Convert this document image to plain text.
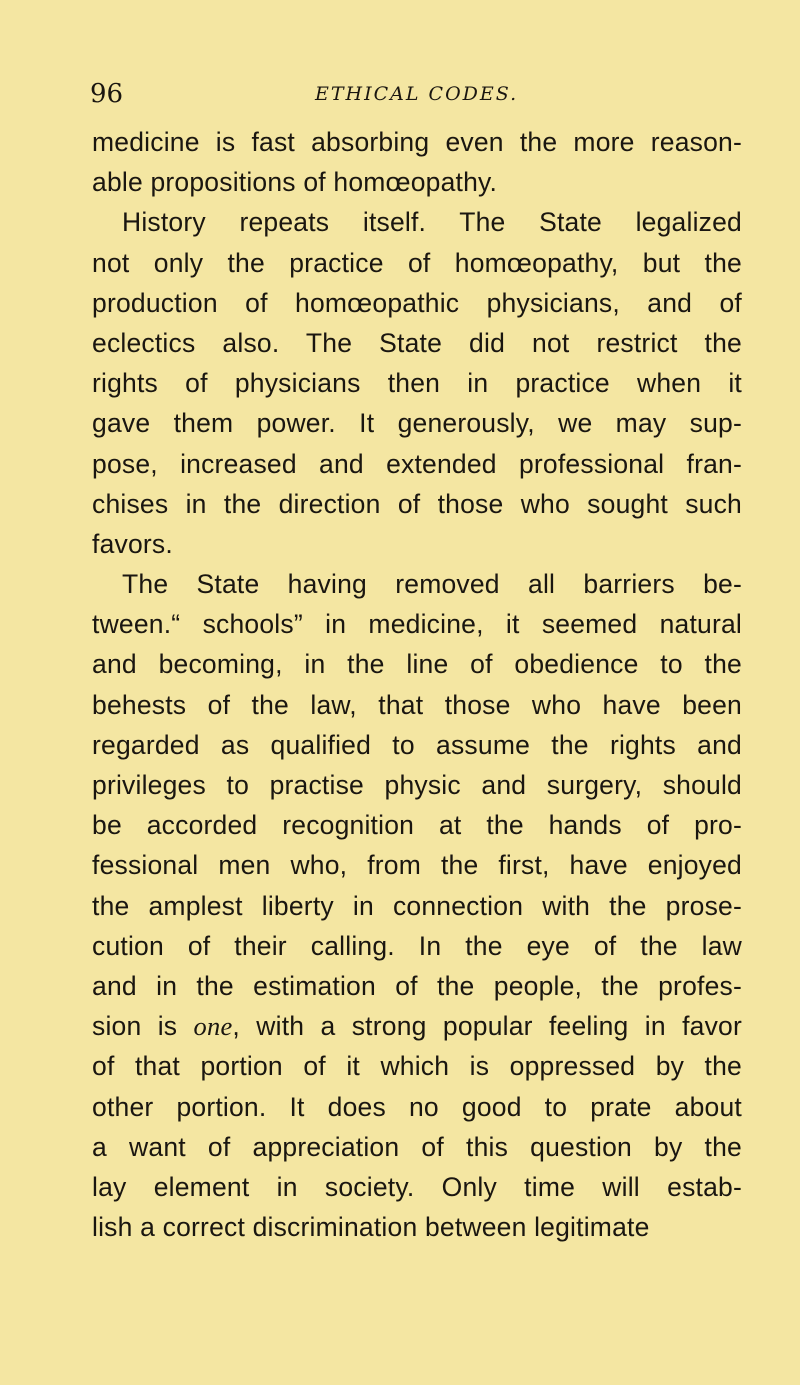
96	ETHICAL CODES.
medicine is fast absorbing even the more reason-
able propositions of homœopathy.
History repeats itself. The State legalized
not only the practice of homœopathy, but the
production of homœopathic physicians, and of
eclectics also. The State did not restrict the
rights of physicians then in practice when it
gave them power. It generously, we may sup-
pose, increased and extended professional fran-
chises in the direction of those who sought such
favors.
The State having removed all barriers be-
tween.“ schools” in medicine, it seemed natural
and becoming, in the line of obedience to the
behests of the law, that those who have been
regarded as qualified to assume the rights and
privileges to practise physic and surgery, should
be accorded recognition at the hands of pro-
fessional men who, from the first, have enjoyed
the amplest liberty in connection with the prose-
cution of their calling. In the eye of the law
and in the estimation of the people, the profes-
sion is one, with a strong popular feeling in favor
of that portion of it which is oppressed by the
other portion. It does no good to prate about
a want of appreciation of this question by the
lay element in society. Only time will estab-
lish a correct discrimination between legitimate
